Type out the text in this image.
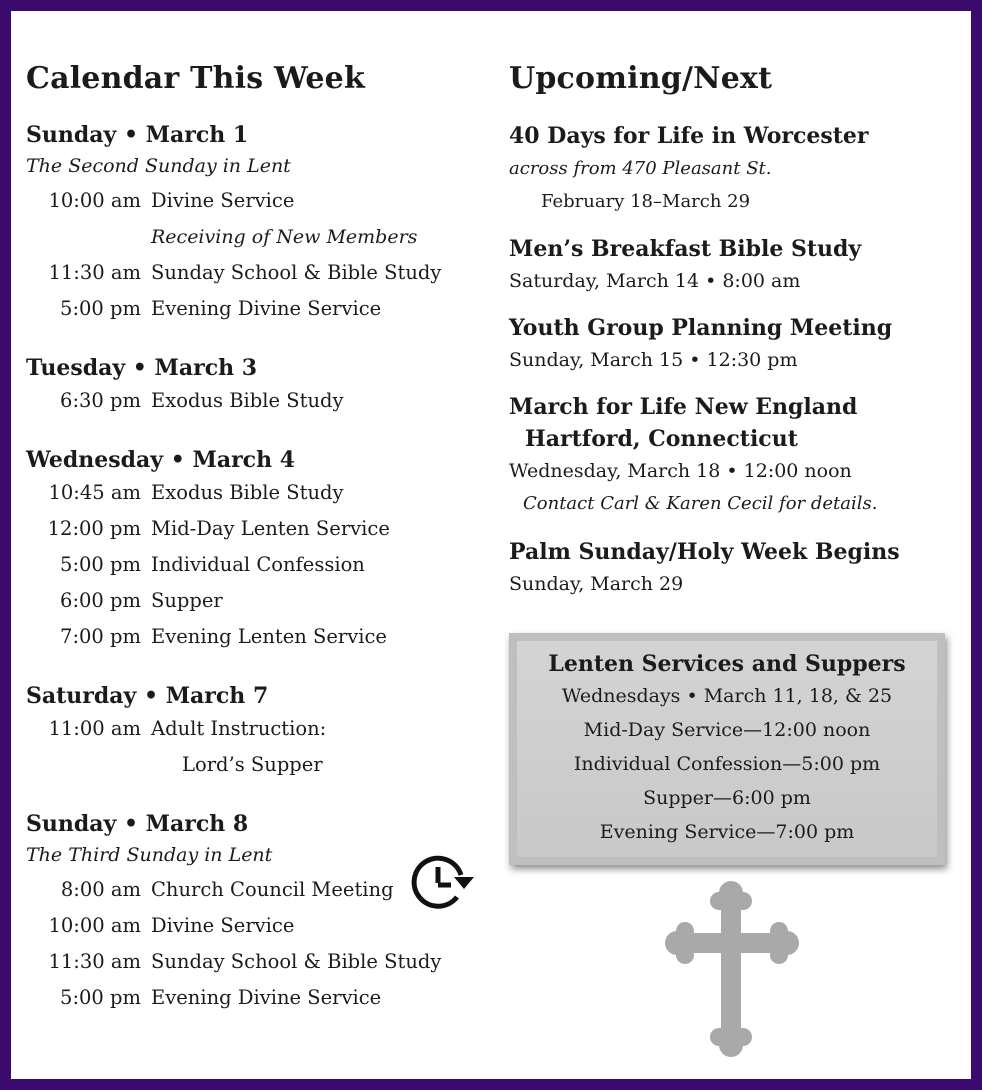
Calendar This Week
Sunday • March 1
The Second Sunday in Lent
10:00 am Divine Service
Receiving of New Members
11:30 am Sunday School & Bible Study
5:00 pm Evening Divine Service
Tuesday • March 3
6:30 pm Exodus Bible Study
Wednesday • March 4
10:45 am Exodus Bible Study
12:00 pm Mid-Day Lenten Service
5:00 pm Individual Confession
6:00 pm Supper
7:00 pm Evening Lenten Service
Saturday • March 7
11:00 am Adult Instruction:
Lord’s Supper
Sunday • March 8
The Third Sunday in Lent
8:00 am Church Council Meeting
10:00 am Divine Service
11:30 am Sunday School & Bible Study
5:00 pm Evening Divine Service
Upcoming/Next
40 Days for Life in Worcester
across from 470 Pleasant St.
February 18–March 29
Men’s Breakfast Bible Study
Saturday, March 14 • 8:00 am
Youth Group Planning Meeting
Sunday, March 15 • 12:30 pm
March for Life New England
Hartford, Connecticut
Wednesday, March 18 • 12:00 noon
Contact Carl & Karen Cecil for details.
Palm Sunday/Holy Week Begins
Sunday, March 29
Lenten Services and Suppers
Wednesdays • March 11, 18, & 25
Mid-Day Service—12:00 noon
Individual Confession—5:00 pm
Supper—6:00 pm
Evening Service—7:00 pm
